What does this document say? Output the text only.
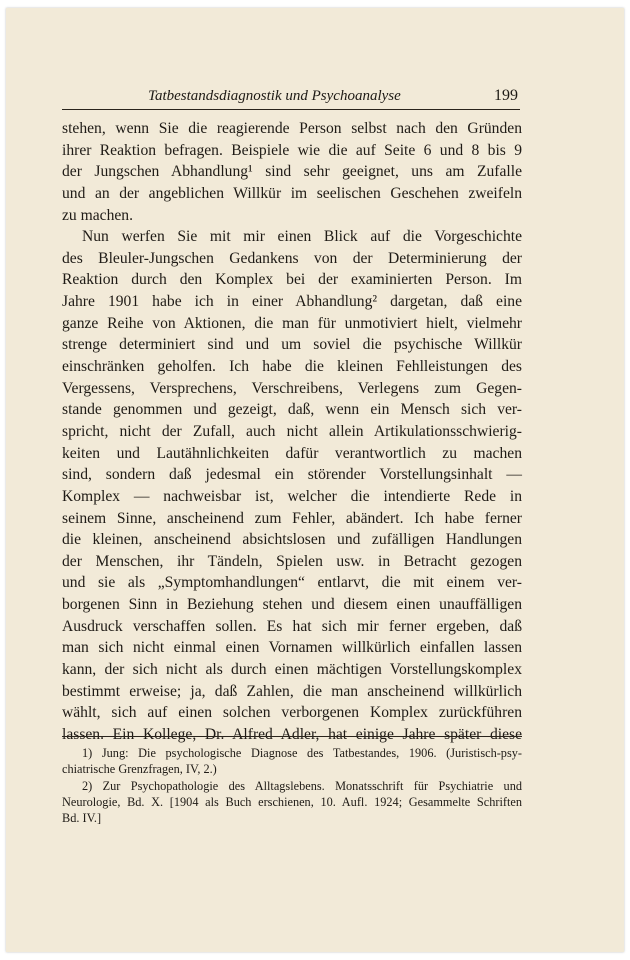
Tatbestandsdiagnostik und Psychoanalyse	199
stehen, wenn Sie die reagierende Person selbst nach den Gründen
ihrer Reaktion befragen. Beispiele wie die auf Seite 6 und 8 bis 9
der Jungschen Abhandlung¹ sind sehr geeignet, uns am Zufalle
und an der angeblichen Willkür im seelischen Geschehen zweifeln
zu machen.
Nun werfen Sie mit mir einen Blick auf die Vorgeschichte
des Bleuler-Jungschen Gedankens von der Determinierung der
Reaktion durch den Komplex bei der examinierten Person. Im
Jahre 1901 habe ich in einer Abhandlung² dargetan, daß eine
ganze Reihe von Aktionen, die man für unmotiviert hielt, vielmehr
strenge determiniert sind und um soviel die psychische Willkür
einschränken geholfen. Ich habe die kleinen Fehlleistungen des
Vergessens, Versprechens, Verschreibens, Verlegens zum Gegen-
stande genommen und gezeigt, daß, wenn ein Mensch sich ver-
spricht, nicht der Zufall, auch nicht allein Artikulationsschwierig-
keiten und Lautähnlichkeiten dafür verantwortlich zu machen
sind, sondern daß jedesmal ein störender Vorstellungsinhalt —
Komplex — nachweisbar ist, welcher die intendierte Rede in
seinem Sinne, anscheinend zum Fehler, abändert. Ich habe ferner
die kleinen, anscheinend absichtslosen und zufälligen Handlungen
der Menschen, ihr Tändeln, Spielen usw. in Betracht gezogen
und sie als „Symptomhandlungen“ entlarvt, die mit einem ver-
borgenen Sinn in Beziehung stehen und diesem einen unauffälligen
Ausdruck verschaffen sollen. Es hat sich mir ferner ergeben, daß
man sich nicht einmal einen Vornamen willkürlich einfallen lassen
kann, der sich nicht als durch einen mächtigen Vorstellungskomplex
bestimmt erweise; ja, daß Zahlen, die man anscheinend willkürlich
wählt, sich auf einen solchen verborgenen Komplex zurückführen
lassen. Ein Kollege, Dr. Alfred Adler, hat einige Jahre später diese
1) Jung: Die psychologische Diagnose des Tatbestandes, 1906. (Juristisch-psy-
chiatrische Grenzfragen, IV, 2.)
2) Zur Psychopathologie des Alltagslebens. Monatsschrift für Psychiatrie und
Neurologie, Bd. X. [1904 als Buch erschienen, 10. Aufl. 1924; Gesammelte Schriften
Bd. IV.]
